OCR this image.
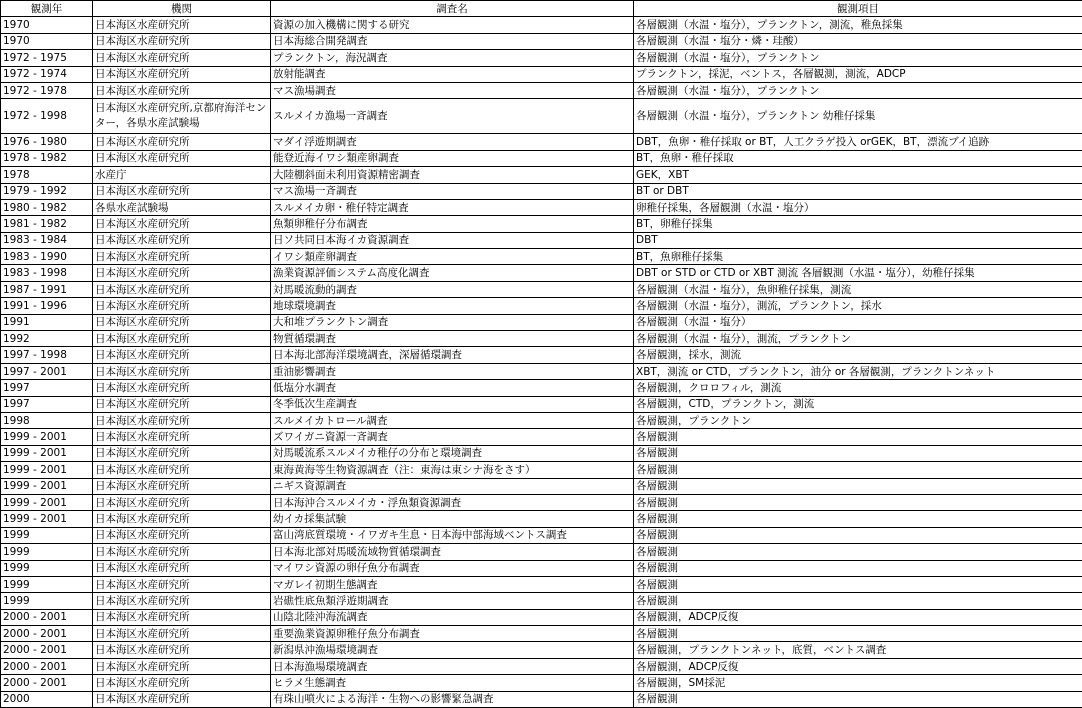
観測年	機関	調査名	観測項目
1970	日本海区水産研究所	資源の加入機構に関する研究	各層観測（水温・塩分），プランクトン，測流，稚魚採集
1970	日本海区水産研究所	日本海総合開発調査	各層観測（水温・塩分・燐・珪酸）
1972 - 1975	日本海区水産研究所	プランクトン，海況調査	各層観測（水温・塩分），プランクトン
1972 - 1974	日本海区水産研究所	放射能調査	プランクトン，採泥，ベントス，各層観測，測流，ADCP
1972 - 1978	日本海区水産研究所	マス漁場調査	各層観測（水温・塩分），プランクトン
1972 - 1998	日本海区水産研究所,京都府海洋センター，各県水産試験場	スルメイカ漁場一斉調査	各層観測（水温・塩分），プランクトン 幼稚仔採集
1976 - 1980	日本海区水産研究所	マダイ浮遊期調査	DBT，魚卵・稚仔採取 or BT，人工クラゲ投入 orGEK，BT，漂流ブイ追跡
1978 - 1982	日本海区水産研究所	能登近海イワシ類産卵調査	BT，魚卵・稚仔採取
1978	水産庁	大陸棚斜面未利用資源精密調査	GEK，XBT
1979 - 1992	日本海区水産研究所	マス漁場一斉調査	BT or DBT
1980 - 1982	各県水産試験場	スルメイカ卵・稚仔特定調査	卵稚仔採集，各層観測（水温・塩分）
1981 - 1982	日本海区水産研究所	魚類卵稚仔分布調査	BT，卵稚仔採集
1983 - 1984	日本海区水産研究所	日ソ共同日本海イカ資源調査	DBT
1983 - 1990	日本海区水産研究所	イワシ類産卵調査	BT，魚卵稚仔採集
1983 - 1998	日本海区水産研究所	漁業資源評価システム高度化調査	DBT or STD or CTD or XBT 測流 各層観測（水温・塩分），幼稚仔採集
1987 - 1991	日本海区水産研究所	対馬暖流動的調査	各層観測（水温・塩分），魚卵稚仔採集，測流
1991 - 1996	日本海区水産研究所	地球環境調査	各層観測（水温・塩分），測流，プランクトン，採水
1991	日本海区水産研究所	大和堆プランクトン調査	各層観測（水温・塩分）
1992	日本海区水産研究所	物質循環調査	各層観測（水温・塩分），測流，プランクトン
1997 - 1998	日本海区水産研究所	日本海北部海洋環境調査，深層循環調査	各層観測，採水，測流
1997 - 2001	日本海区水産研究所	重油影響調査	XBT，測流 or CTD，プランクトン，油分 or 各層観測，プランクトンネット
1997	日本海区水産研究所	低塩分水調査	各層観測，クロロフィル，測流
1997	日本海区水産研究所	冬季低次生産調査	各層観測，CTD，プランクトン，測流
1998	日本海区水産研究所	スルメイカトロール調査	各層観測，プランクトン
1999 - 2001	日本海区水産研究所	ズワイガニ資源一斉調査	各層観測
1999 - 2001	日本海区水産研究所	対馬暖流系スルメイカ稚仔の分布と環境調査	各層観測
1999 - 2001	日本海区水産研究所	東海黄海等生物資源調査（注：東海は東シナ海をさす）	各層観測
1999 - 2001	日本海区水産研究所	ニギス資源調査	各層観測
1999 - 2001	日本海区水産研究所	日本海沖合スルメイカ・浮魚類資源調査	各層観測
1999 - 2001	日本海区水産研究所	幼イカ採集試験	各層観測
1999	日本海区水産研究所	富山湾底質環境・イワガキ生息・日本海中部海域ベントス調査	各層観測
1999	日本海区水産研究所	日本海北部対馬暖流域物質循環調査	各層観測
1999	日本海区水産研究所	マイワシ資源の卵仔魚分布調査	各層観測
1999	日本海区水産研究所	マガレイ初期生態調査	各層観測
1999	日本海区水産研究所	岩礁性底魚類浮遊期調査	各層観測
2000 - 2001	日本海区水産研究所	山陰北陸沖海流調査	各層観測，ADCP反復
2000 - 2001	日本海区水産研究所	重要漁業資源卵稚仔魚分布調査	各層観測
2000 - 2001	日本海区水産研究所	新潟県沖漁場環境調査	各層観測，プランクトンネット，底質，ベントス調査
2000 - 2001	日本海区水産研究所	日本海漁場環境調査	各層観測，ADCP反復
2000 - 2001	日本海区水産研究所	ヒラメ生態調査	各層観測，SM採泥
2000	日本海区水産研究所	有珠山噴火による海洋・生物への影響緊急調査	各層観測
